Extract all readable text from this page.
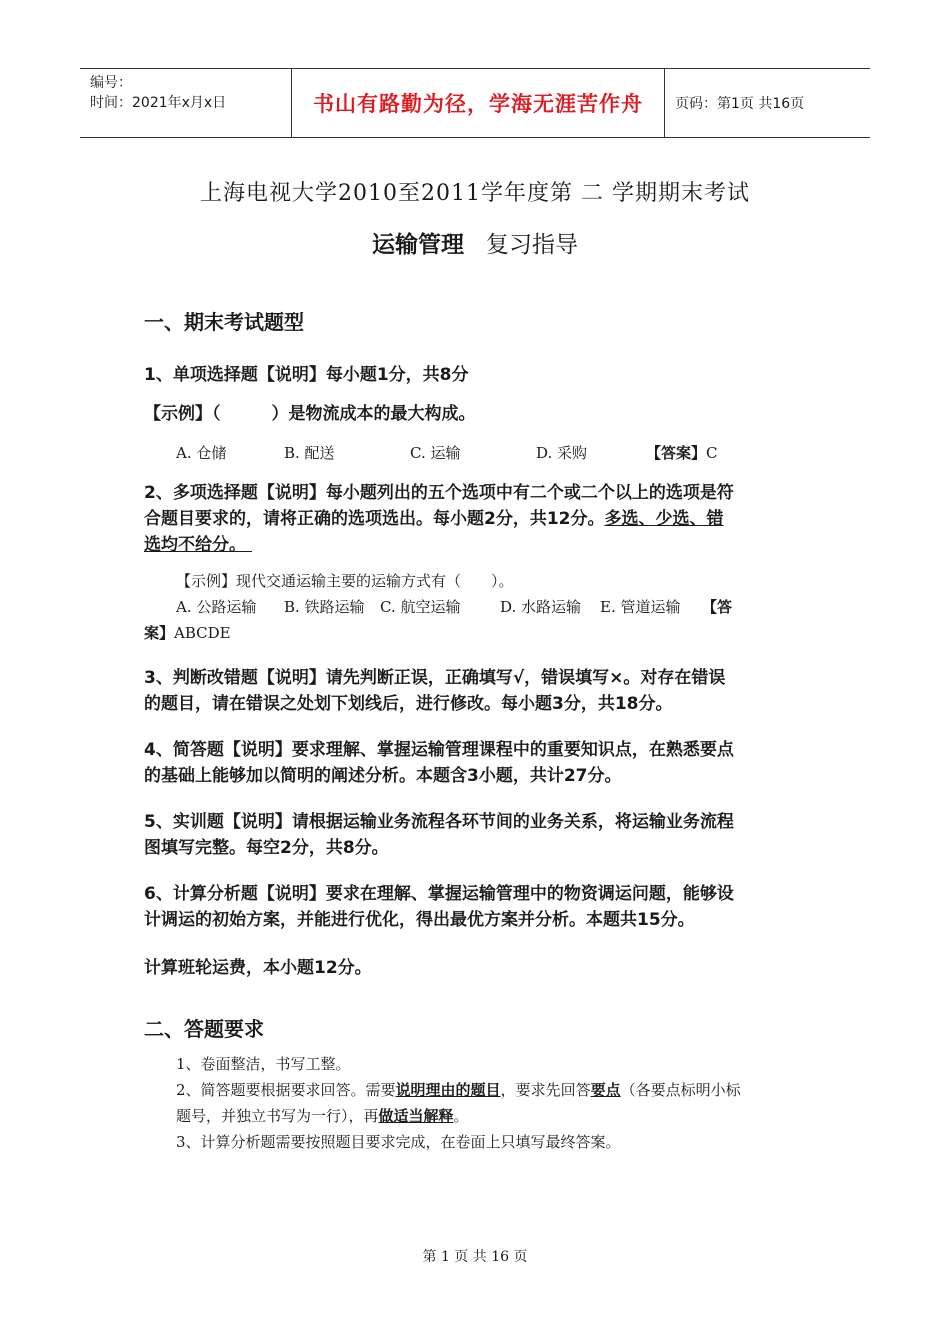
编号：
时间：2021年x月x日	书山有路勤为径，学海无涯苦作舟	页码：第1页 共16页
上海电视大学2010至2011学年度第 二 学期期末考试
运输管理 复习指导
一、期末考试题型
1、单项选择题【说明】每小题1分，共8分
【示例】（　　　）是物流成本的最大构成。
A. 仓储	B. 配送	C. 运输	D. 采购	【答案】C
2、多项选择题【说明】每小题列出的五个选项中有二个或二个以上的选项是符
合题目要求的，请将正确的选项选出。每小题2分，共12分。多选、少选、错
选均不给分。
【示例】现代交通运输主要的运输方式有（　　）。
A. 公路运输 B. 铁路运输 C. 航空运输	D. 水路运输 E. 管道运输 【答
案】ABCDE
3、判断改错题【说明】请先判断正误，正确填写√，错误填写×。对存在错误
的题目，请在错误之处划下划线后，进行修改。每小题3分，共18分。
4、简答题【说明】要求理解、掌握运输管理课程中的重要知识点，在熟悉要点
的基础上能够加以简明的阐述分析。本题含3小题，共计27分。
5、实训题【说明】请根据运输业务流程各环节间的业务关系，将运输业务流程
图填写完整。每空2分，共8分。
6、计算分析题【说明】要求在理解、掌握运输管理中的物资调运问题，能够设
计调运的初始方案，并能进行优化，得出最优方案并分析。本题共15分。
计算班轮运费，本小题12分。
二、答题要求
1、卷面整洁，书写工整。
2、简答题要根据要求回答。需要说明理由的题目，要求先回答要点（各要点标明小标
题号，并独立书写为一行），再做适当解释。
3、计算分析题需要按照题目要求完成，在卷面上只填写最终答案。
第 1 页 共 16 页
